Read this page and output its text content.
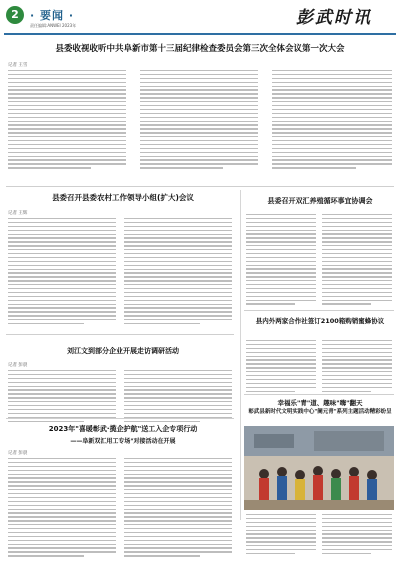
2	· 要闻 ·
责任编辑:ANWEI 2023年	彭武时讯
县委收视收听中共阜新市第十三届纪律检查委员会第三次全体会议第一次大会
记者 王雪
县委召开县委农村工作领导小组(扩大)会议
记者 王辉
县委召开双汇养殖循环事宜协调会
县内外两家合作社签订2100箱购销蜜蜂协议
刘江文到部分企业开展走访调研活动
记者 彭晨
幸福乐"青"道、趣味"嗨"翻天
彰武县新时代文明实践中心"阑元青"系列主题活动精彩纷呈
2023年"喜暖彰武·揽企护航"送工入企专项行动
——阜新双汇用工专场"对接活动在开展
记者 彭晨
